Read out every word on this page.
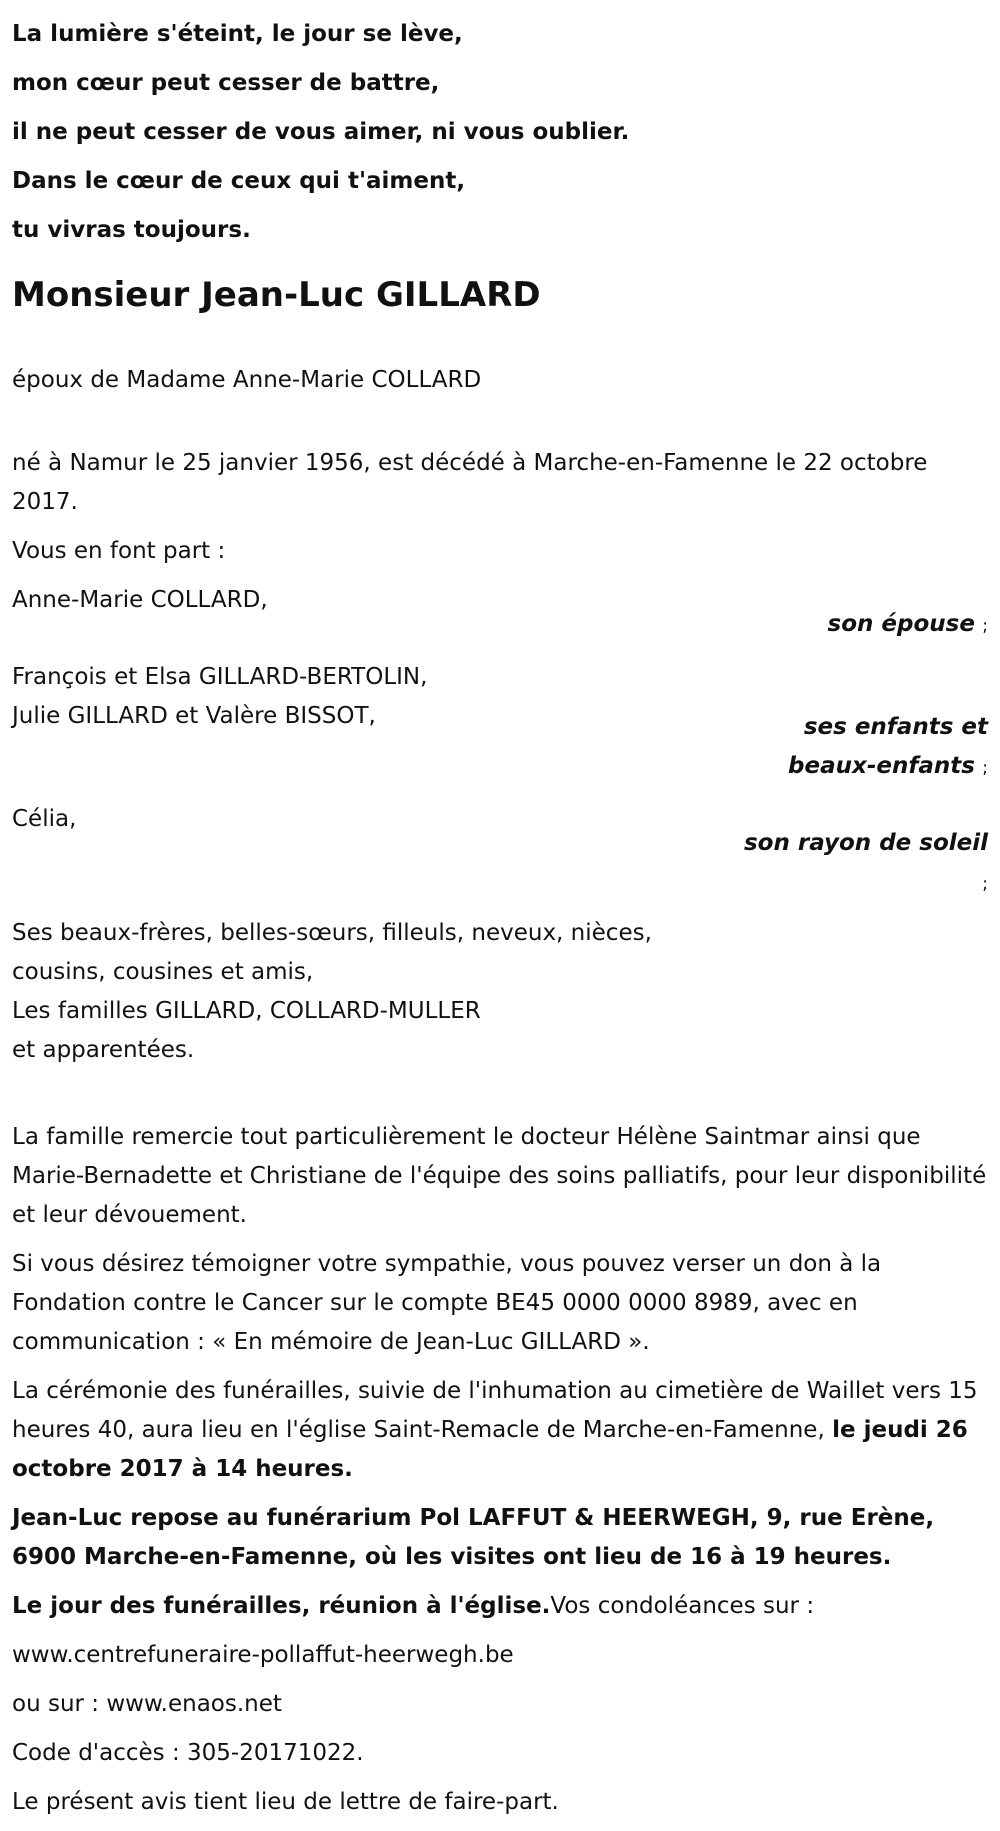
La lumière s'éteint, le jour se lève,

mon cœur peut cesser de battre,

il ne peut cesser de vous aimer, ni vous oublier.

Dans le cœur de ceux qui t'aiment,

tu vivras toujours.

Monsieur Jean-Luc GILLARD

époux de Madame Anne-Marie COLLARD

né à Namur le 25 janvier 1956, est décédé à Marche-en-Famenne le 22 octobre 2017.

Vous en font part :

Anne-Marie COLLARD,
son épouse ;
François et Elsa GILLARD-BERTOLIN,
Julie GILLARD et Valère BISSOT,	ses enfants et beaux-enfants ;
Célia,
son rayon de soleil
;
Ses beaux-frères, belles-sœurs, filleuls, neveux, nièces,
cousins, cousines et amis,
Les familles GILLARD, COLLARD-MULLER
et apparentées.

La famille remercie tout particulièrement le docteur Hélène Saintmar ainsi que Marie-Bernadette et Christiane de l'équipe des soins palliatifs, pour leur disponibilité et leur dévouement.

Si vous désirez témoigner votre sympathie, vous pouvez verser un don à la Fondation contre le Cancer sur le compte BE45 0000 0000 8989, avec en communication : « En mémoire de Jean-Luc GILLARD ».

La cérémonie des funérailles, suivie de l'inhumation au cimetière de Waillet vers 15 heures 40, aura lieu en l'église Saint-Remacle de Marche-en-Famenne, le jeudi 26 octobre 2017 à 14 heures.

Jean-Luc repose au funérarium Pol LAFFUT & HEERWEGH, 9, rue Erène, 6900 Marche-en-Famenne, où les visites ont lieu de 16 à 19 heures.

Le jour des funérailles, réunion à l'église.Vos condoléances sur :

www.centrefuneraire-pollaffut-heerwegh.be

ou sur : www.enaos.net

Code d'accès : 305-20171022.

Le présent avis tient lieu de lettre de faire-part.
